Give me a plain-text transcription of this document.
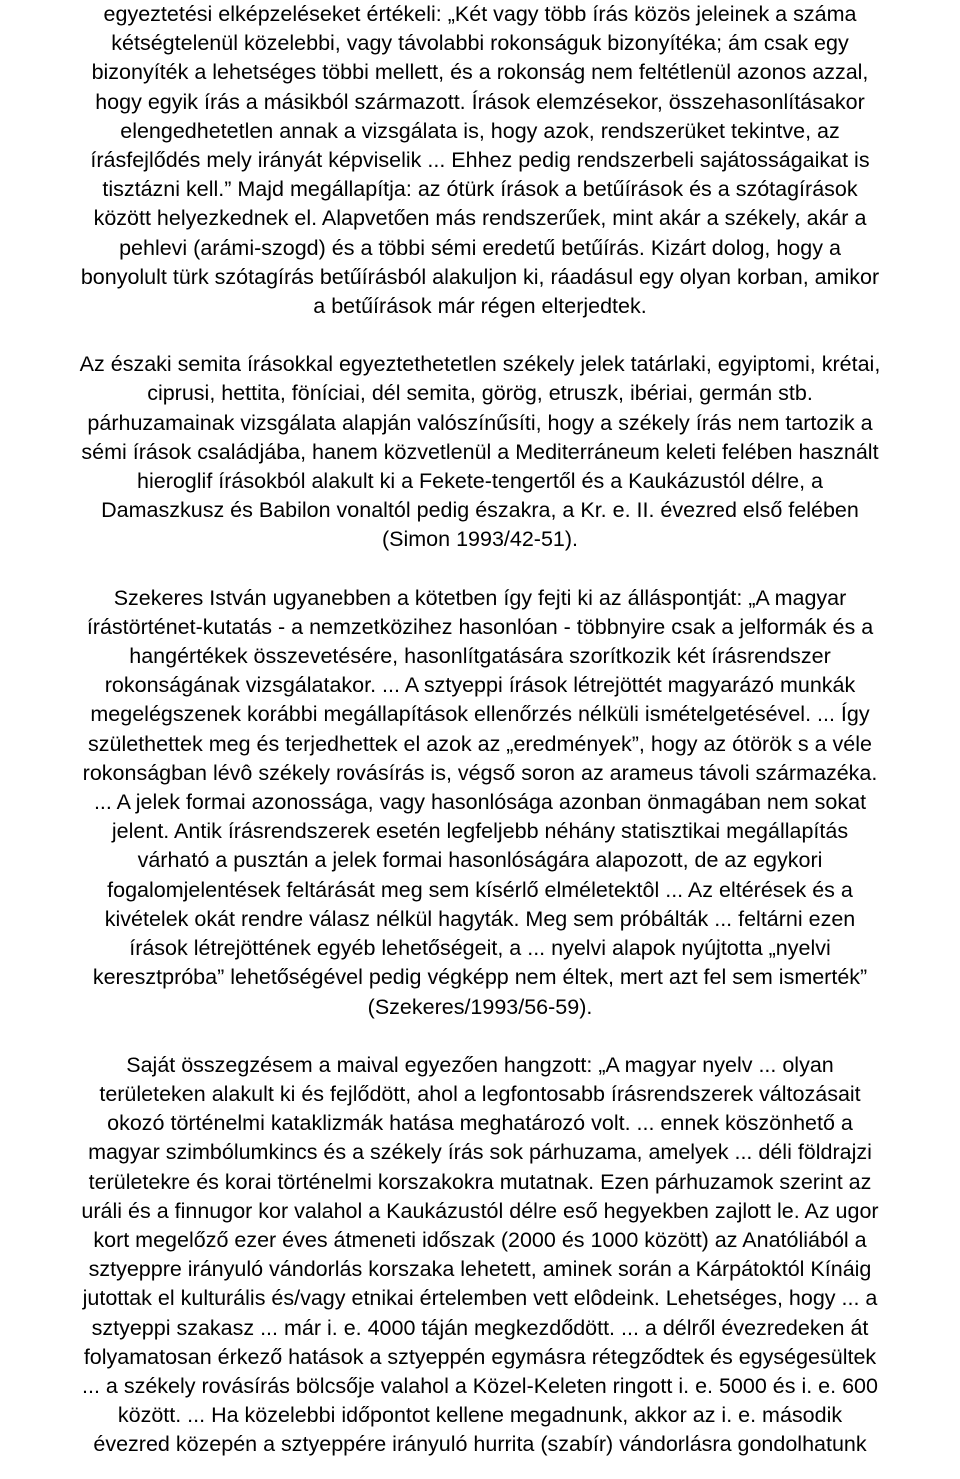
egyeztetési elképzeléseket értékeli: „Két vagy több írás közös jeleinek a száma
kétségtelenül közelebbi, vagy távolabbi rokonságuk bizonyítéka; ám csak egy
bizonyíték a lehetséges többi mellett, és a rokonság nem feltétlenül azonos azzal,
hogy egyik írás a másikból származott. Írások elemzésekor, összehasonlításakor
elengedhetetlen annak a vizsgálata is, hogy azok, rendszerüket tekintve, az
írásfejlődés mely irányát képviselik ... Ehhez pedig rendszerbeli sajátosságaikat is
tisztázni kell.” Majd megállapítja: az ótürk írások a betűírások és a szótagírások
között helyezkednek el. Alapvetően más rendszerűek, mint akár a székely, akár a
pehlevi (arámi-szogd) és a többi sémi eredetű betűírás. Kizárt dolog, hogy a
bonyolult türk szótagírás betűírásból alakuljon ki, ráadásul egy olyan korban, amikor
a betűírások már régen elterjedtek.

Az északi semita írásokkal egyeztethetetlen székely jelek tatárlaki, egyiptomi, krétai,
ciprusi, hettita, föníciai, dél semita, görög, etruszk, ibériai, germán stb.
párhuzamainak vizsgálata alapján valószínűsíti, hogy a székely írás nem tartozik a
sémi írások családjába, hanem közvetlenül a Mediterráneum keleti felében használt
hieroglif írásokból alakult ki a Fekete-tengertől és a Kaukázustól délre, a
Damaszkusz és Babilon vonaltól pedig északra, a Kr. e. II. évezred első felében
(Simon 1993/42-51).

Szekeres István ugyanebben a kötetben így fejti ki az álláspontját: „A magyar
írástörténet-kutatás - a nemzetközihez hasonlóan - többnyire csak a jelformák és a
hangértékek összevetésére, hasonlítgatására szorítkozik két írásrendszer
rokonságának vizsgálatakor. ... A sztyeppi írások létrejöttét magyarázó munkák
megelégszenek korábbi megállapítások ellenőrzés nélküli ismételgetésével. ... Így
születhettek meg és terjedhettek el azok az „eredmények”, hogy az ótörök s a véle
rokonságban lévô székely rovásírás is, végső soron az arameus távoli származéka.
... A jelek formai azonossága, vagy hasonlósága azonban önmagában nem sokat
jelent. Antik írásrendszerek esetén legfeljebb néhány statisztikai megállapítás
várható a pusztán a jelek formai hasonlóságára alapozott, de az egykori
fogalomjelentések feltárását meg sem kísérlő elméletektôl ... Az eltérések és a
kivételek okát rendre válasz nélkül hagyták. Meg sem próbálták ... feltárni ezen
írások létrejöttének egyéb lehetőségeit, a ... nyelvi alapok nyújtotta „nyelvi
keresztpróba” lehetőségével pedig végképp nem éltek, mert azt fel sem ismerték”
(Szekeres/1993/56-59).

Saját összegzésem a maival egyezően hangzott: „A magyar nyelv ... olyan
területeken alakult ki és fejlődött, ahol a legfontosabb írásrendszerek változásait
okozó történelmi kataklizmák hatása meghatározó volt. ... ennek köszönhető a
magyar szimbólumkincs és a székely írás sok párhuzama, amelyek ... déli földrajzi
területekre és korai történelmi korszakokra mutatnak. Ezen párhuzamok szerint az
uráli és a finnugor kor valahol a Kaukázustól délre eső hegyekben zajlott le. Az ugor
kort megelőző ezer éves átmeneti időszak (2000 és 1000 között) az Anatóliából a
sztyeppre irányuló vándorlás korszaka lehetett, aminek során a Kárpátoktól Kínáig
jutottak el kulturális és/vagy etnikai értelemben vett elôdeink. Lehetséges, hogy ... a
sztyeppi szakasz ... már i. e. 4000 táján megkezdődött. ... a délről évezredeken át
folyamatosan érkező hatások a sztyeppén egymásra rétegződtek és egységesültek
... a székely rovásírás bölcsője valahol a Közel-Keleten ringott i. e. 5000 és i. e. 600
között. ... Ha közelebbi időpontot kellene megadnunk, akkor az i. e. második
évezred közepén a sztyeppére irányuló hurrita (szabír) vándorlásra gondolhatunk
